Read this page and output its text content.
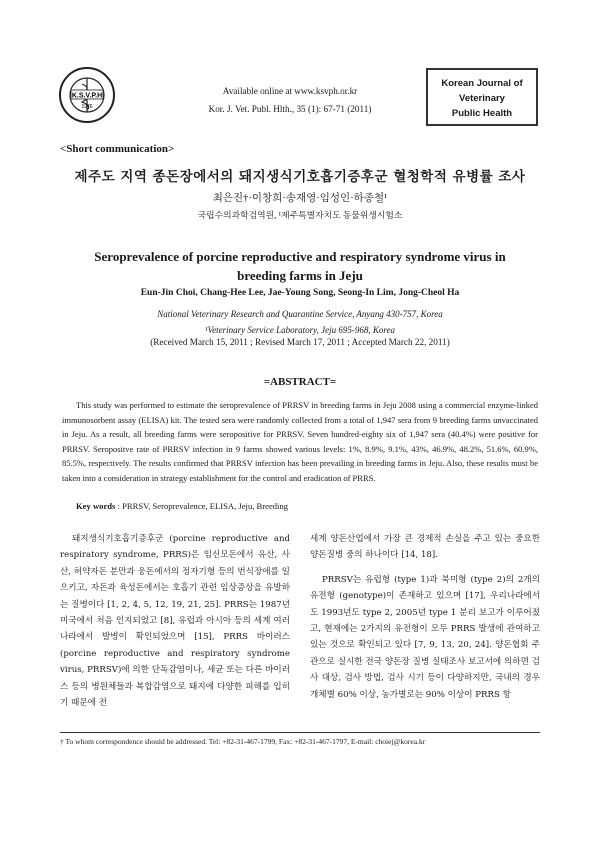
K.S.V.P.H
1976
Available online at www.ksvph.or.kr
Kor. J. Vet. Publ. Hlth., 35 (1): 67-71 (2011)
Korean Journal of
Veterinary
Public Health
<Short communication>
제주도 지역 종돈장에서의 돼지생식기호흡기증후군 혈청학적 유병률 조사
최은진†·이창희·송재영·임성인·하종철¹
국립수의과학검역원, ¹제주특별자치도 동물위생시험소
Seroprevalence of porcine reproductive and respiratory syndrome virus in breeding farms in Jeju
Eun-Jin Choi, Chang-Hee Lee, Jae-Young Song, Seong-In Lim, Jong-Cheol Ha
National Veterinary Research and Quarantine Service, Anyang 430-757, Korea
¹Veterinary Service Laboratory, Jeju 695-968, Korea
(Received March 15, 2011 ; Revised March 17, 2011 ; Accepted March 22, 2011)
=ABSTRACT=
This study was performed to estimate the seroprevalence of PRRSV in breeding farms in Jeju 2008 using a commercial enzyme-linked immunosorbent assay (ELISA) kit. The tested sera were randomly collected from a total of 1,947 sera from 9 breeding farms unvaccinated in Jeju. As a result, all breeding farms were seropositive for PRRSV. Seven hundred-eighty six of 1,947 sera (40.4%) were positive for PRRSV. Seropositve rate of PRRSV infection in 9 farms showed various levels: 1%, 8.9%, 9.1%, 43%, 46.9%, 48.2%, 51.6%, 60.9%, 85.5%, respectively. The results confirmed that PRRSV infection has been prevailing in breeding farms in Jeju. Also, these results must be taken into a consideration in strategy establishment for the control and eradication of PRRS.
Key words : PRRSV, Seroprevalence, ELISA, Jeju, Breeding

돼지생식기호흡기증후군 (porcine reproductive and respiratory syndrome, PRRS)은 임신모돈에서 유산, 사산, 허약자돈 분만과 웅돈에서의 정자기형 등의 번식장애를 일으키고, 자돈과 육성돈에서는 호흡기 관련 임상증상을 유발하는 질병이다 [1, 2, 4, 5, 12, 19, 21, 25]. PRRS는 1987년 미국에서 처음 인지되었고 [8], 유럽과 아시아 등의 세계 여러 나라에서 발병이 확인되었으며 [15], PRRS 바이러스 (porcine reproductive and respiratory syndrome virus, PRRSV)에 의한 단독감염이나, 세균 또는 다른 바이러스 등의 병원체들과 복합감염으로 돼지에 다양한 피해를 입히기 때문에 전

세계 양돈산업에서 가장 큰 경제적 손실을 주고 있는 중요한 양돈질병 중의 하나이다 [14, 18].

PRRSV는 유럽형 (type 1)과 북미형 (type 2)의 2개의 유전형 (genotype)이 존재하고 있으며 [17], 우리나라에서도 1993년도 type 2, 2005년 type 1 분리 보고가 이루어졌고, 현재에는 2가지의 유전형이 모두 PRRS 발생에 관여하고 있는 것으로 확인되고 있다 [7, 9, 13, 20, 24]. 양돈협회 주관으로 실시한 전국 양돈장 질병 실태조사 보고서에 의하면 검사 대상, 검사 방법, 검사 시기 등이 다양하지만, 국내의 경우 개체별 60% 이상, 농가별로는 90% 이상이 PRRS 항

† To whom correspondence should be addressed. Tel: +82-31-467-1799, Fax: +82-31-467-1797, E-mail: choiej@korea.kr
